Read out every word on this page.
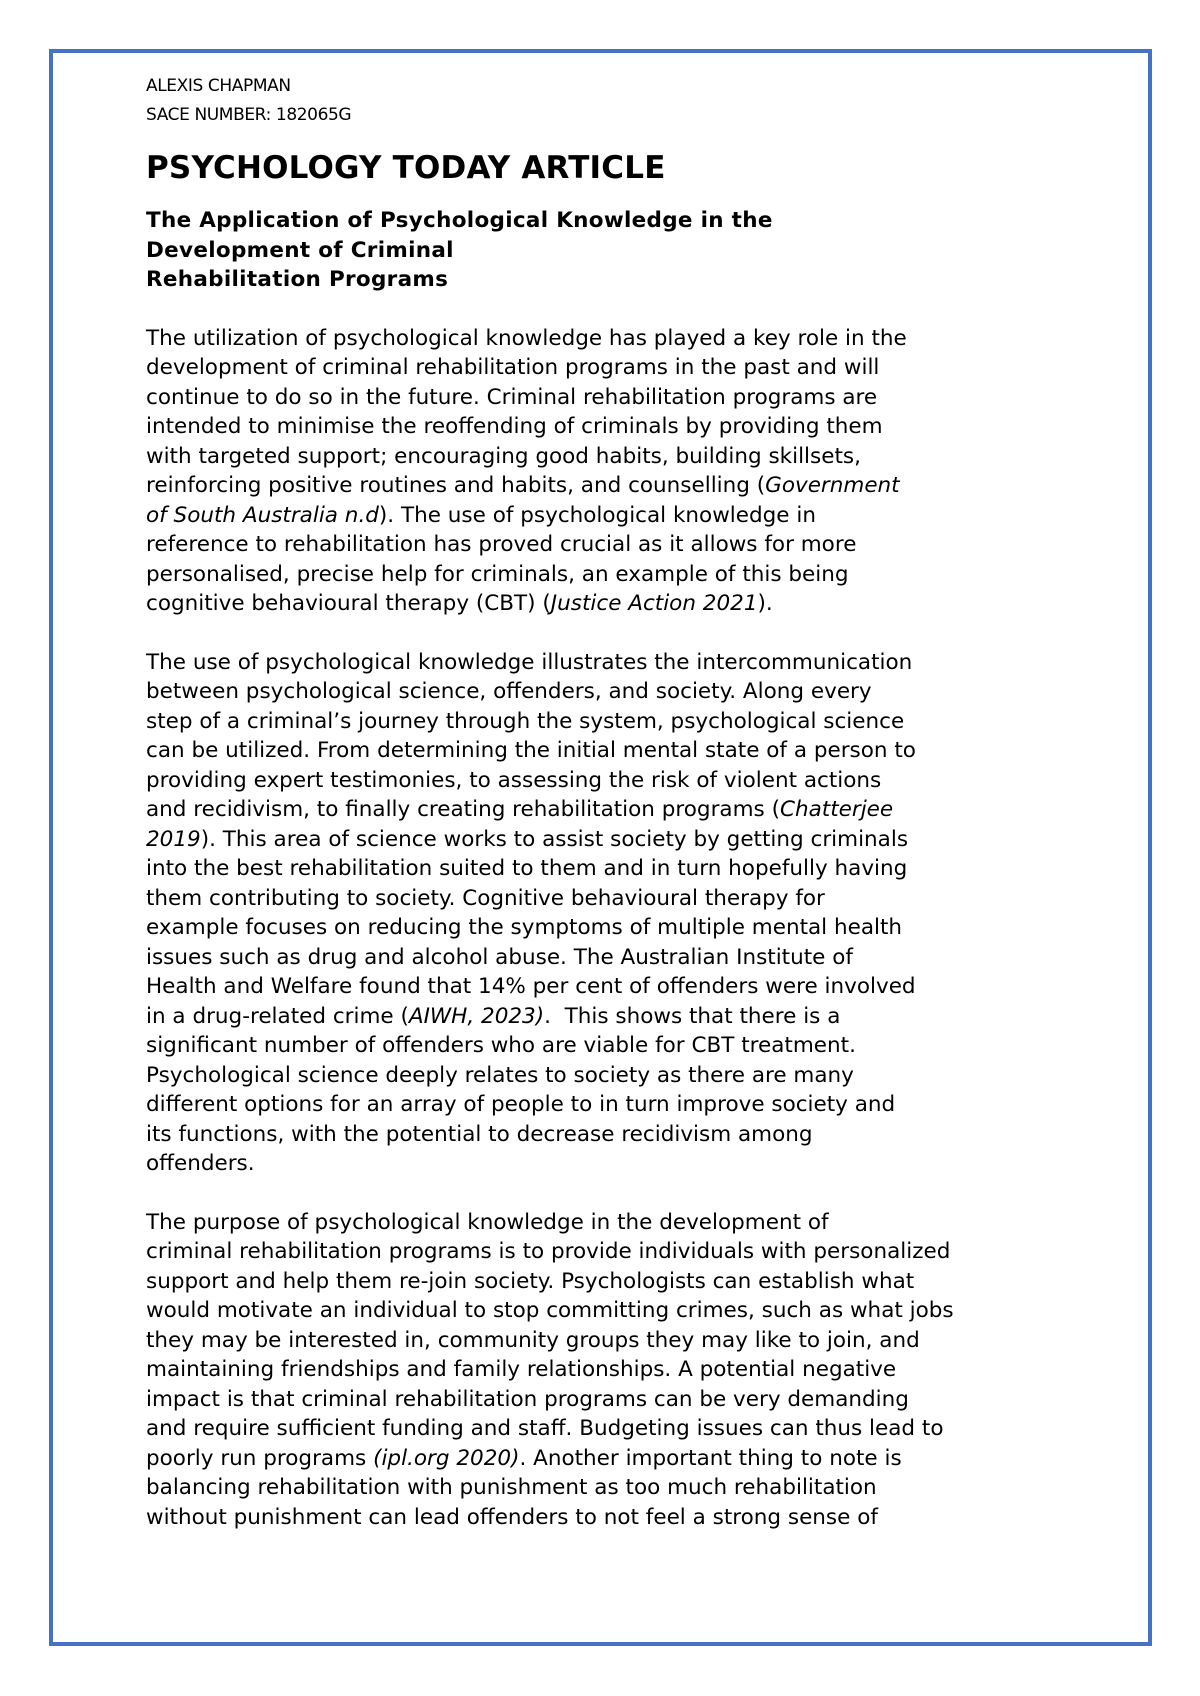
ALEXIS CHAPMAN
SACE NUMBER: 182065G
PSYCHOLOGY TODAY ARTICLE
The Application of Psychological Knowledge in the
Development of Criminal
Rehabilitation Programs
The utilization of psychological knowledge has played a key role in the
development of criminal rehabilitation programs in the past and will
continue to do so in the future. Criminal rehabilitation programs are
intended to minimise the reoffending of criminals by providing them
with targeted support; encouraging good habits, building skillsets,
reinforcing positive routines and habits, and counselling (Government
of South Australia n.d). The use of psychological knowledge in
reference to rehabilitation has proved crucial as it allows for more
personalised, precise help for criminals, an example of this being
cognitive behavioural therapy (CBT) (Justice Action 2021).
The use of psychological knowledge illustrates the intercommunication
between psychological science, offenders, and society. Along every
step of a criminal’s journey through the system, psychological science
can be utilized. From determining the initial mental state of a person to
providing expert testimonies, to assessing the risk of violent actions
and recidivism, to finally creating rehabilitation programs (Chatterjee
2019). This area of science works to assist society by getting criminals
into the best rehabilitation suited to them and in turn hopefully having
them contributing to society. Cognitive behavioural therapy for
example focuses on reducing the symptoms of multiple mental health
issues such as drug and alcohol abuse. The Australian Institute of
Health and Welfare found that 14% per cent of offenders were involved
in a drug-related crime (AIWH, 2023).  This shows that there is a
significant number of offenders who are viable for CBT treatment.
Psychological science deeply relates to society as there are many
different options for an array of people to in turn improve society and
its functions, with the potential to decrease recidivism among
offenders.
The purpose of psychological knowledge in the development of
criminal rehabilitation programs is to provide individuals with personalized
support and help them re-join society. Psychologists can establish what
would motivate an individual to stop committing crimes, such as what jobs
they may be interested in, community groups they may like to join, and
maintaining friendships and family relationships. A potential negative
impact is that criminal rehabilitation programs can be very demanding
and require sufficient funding and staff. Budgeting issues can thus lead to
poorly run programs (ipl.org 2020). Another important thing to note is
balancing rehabilitation with punishment as too much rehabilitation
without punishment can lead offenders to not feel a strong sense of
